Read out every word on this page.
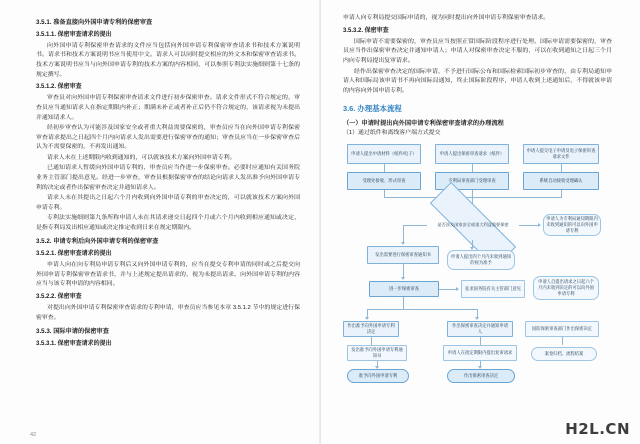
3.5.1. 准备直接向外国申请专利的保密审查
3.5.1.1. 保密审查请求的提出
向外国申请专利保密审查请求的文件应当包括向外国申请专利保密审查请求书和技术方案说明书。请求书和技术方案说明书应当使用中文。请求人可以同时提交相应的外文本和保密审查请求书。技术方案说明书应当与向外国申请专利的技术方案的内容相同，可以参照专利法实施细则第十七条的规定撰写。
3.5.1.2. 保密审查
审查员对向外国申请专利保密审查请求文件进行初步保密审查。请求文件形式不符合规定的，审查员应当通知请求人在指定期限内补正；期满未补正或者补正后仍不符合规定的，该请求视为未提出并通知请求人。
经初步审查认为可能涉及国家安全或者重大利益需要保密的，审查员应当在向外国申请专利保密审查请求提出之日起四个月内向请求人发出需要进行保密审查的通知；审查员应当在一步保密审查后认为不需要保密的，不再发出通知。
请求人未在上述期限内收到通知的，可以就该技术方案向外国申请专利。
已通知请求人暂缓向外国申请专利的，审查员应当作进一步保密审查。必要时应通知有关国务院业务主管部门提出意见。经进一步审查，审查员根据保密审查的结论向请求人发出准予向外国申请专利的决定或者作出保密审查决定并通知请求人。
请求人未在其提出之日起六个月内收到向外国申请专利的审查决定的，可以就该技术方案向外国申请专利。
专利法实施细则第九条所称申请人未在其请求递交日起四个月或六个月内收到相应通知或决定，是指专利局发出相应通知或决定推定收到日来在规定期限内。
3.5.2. 申请专利后向外国申请专利的保密审查
3.5.2.1. 保密审查请求的提出
申请人向在向专利局申请专利后又向外国申请专利的，应当在提交专利申请的同时或之后提交向外国申请专利保密审查请求书，并与上述规定提出请求的，视为未提出请求。向外国申请专利的内容应当与该专利申请的内容相同。
3.5.2.2. 保密审查
对提出向外国申请专利保密审查请求的专利申请，审查员应当参见本章 3.5.1.2 节中的规定进行保密审查。
3.5.3. 国际申请的保密审查
3.5.3.1. 保密审查请求的提出
42
申请人向专利局提交国际申请的，视为同时提出向外国申请专利保密审查请求。
3.5.3.2. 保密审查
国际申请不需要保密的，审查员应当按照正常国际阶段程序进行处理。国际申请需要保密的，审查员应当作出保密审查决定并通知申请人；申请人对保密审查决定不服的，可以在收到通知之日起三个月内向专利局提出复审请求。
经作出保密审查决定的国际申请，不予进行国际公布和国际检索国际初步审查的，由专利局通知申请人和国际局该申请书不再向国际局通知，终止国际阶段程序，申请人收到上述通知后，不得就该申请的内容向外国申请专利。
3.6. 办理基本流程
（一）申请时提出向外国申请专利保密审查请求的办理流程
（1）通过纸件和离线客户端方式提交
申请人提出中请材料（纸件/电子）	申请人提出保密审查请求（纸件）
申请人提交电子申请及电子保密审查请求文件
受理处接收、形式审查	专利局审查部门受理审查	系统自动接收受理确认
是否涉及国家安全或重大利益需要保密
申请人为专利局通知期限内未收到通知的可以向外国申请专利
发出需要进行保密审查通知书	申请人提出四个月内未收到通知的视为准予
进一步保密审查	征求国务院有关主管部门意见
申请人自提出请求之日起六个月内未收到决定的可以向外国申请专利
作出准予向外国申请专利决定
作出保密审查决定并通知申请人
国防保密审查部门作出保密决定
发出准予向外国申请专利通知书
申请人在指定期限内提出复审请求
准予向外国申请专利	作出保密审查决定
案卷归档、流程结案
H2L.CN
